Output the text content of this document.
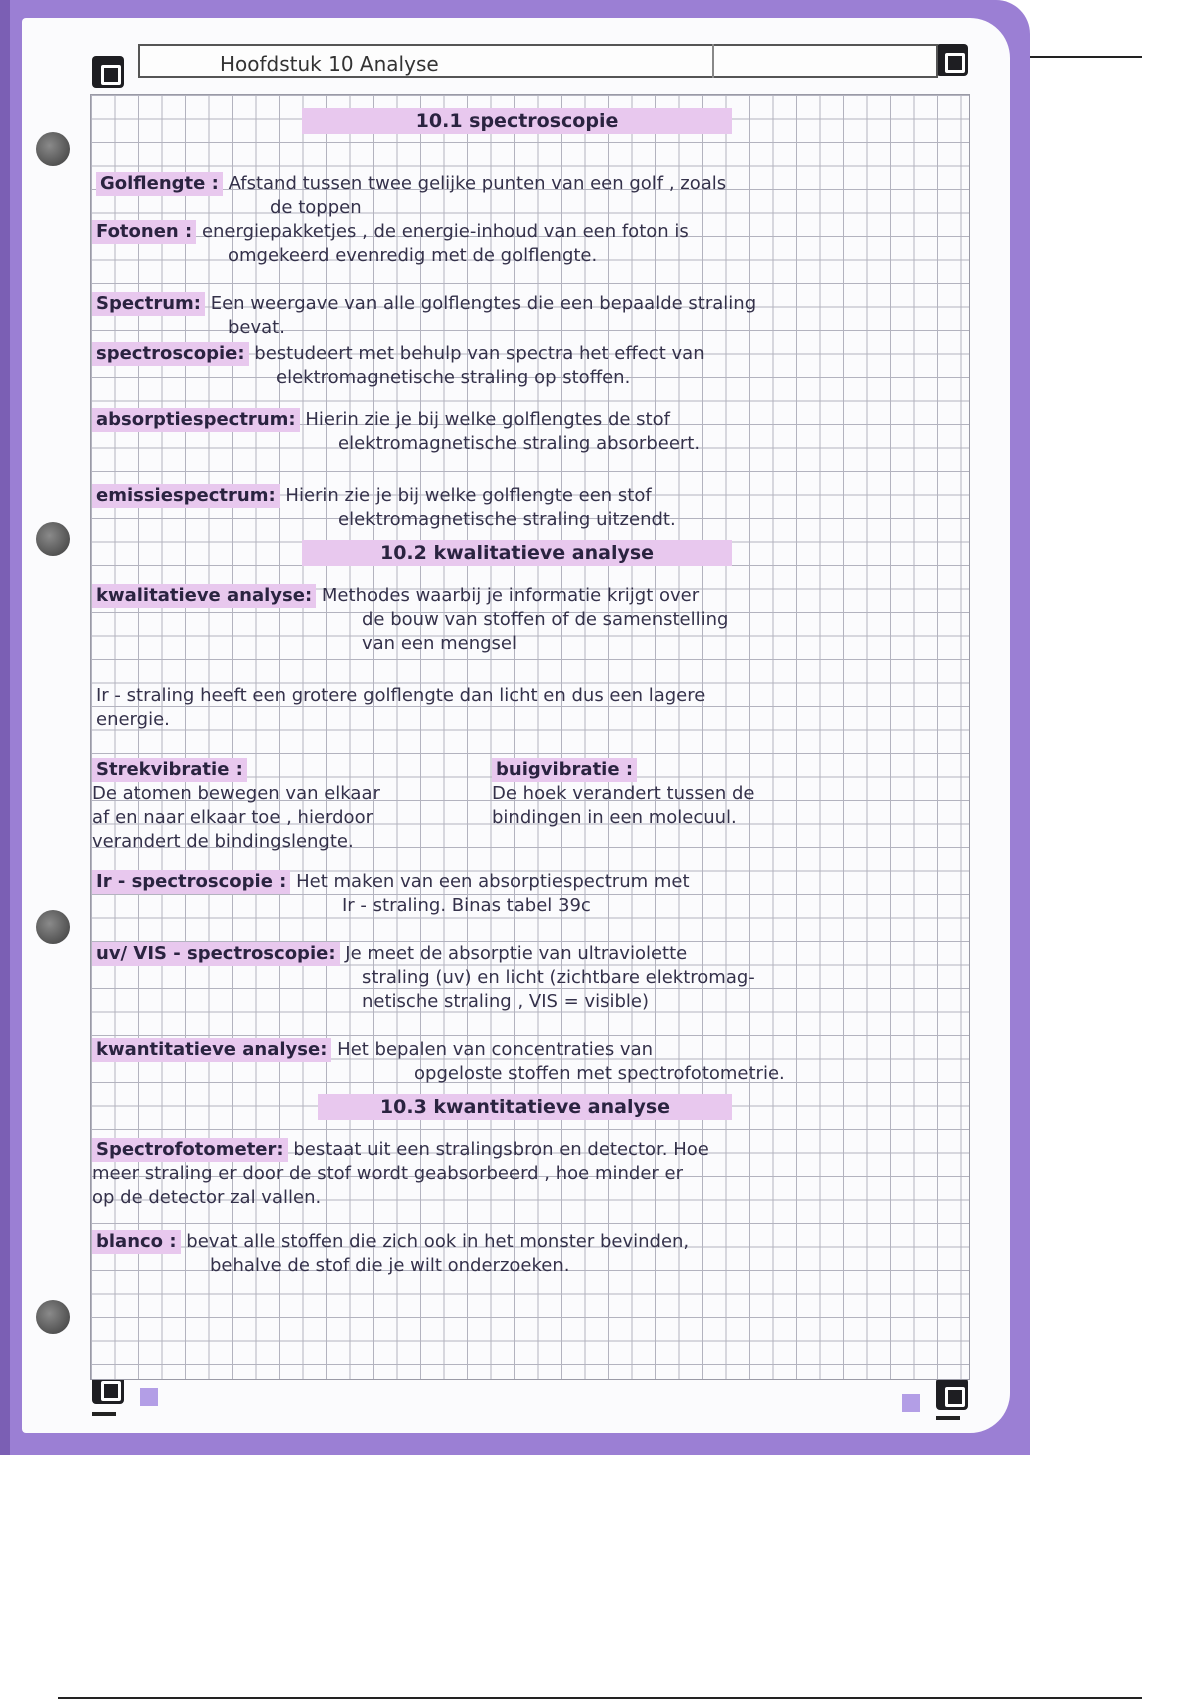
Hoofdstuk 10 Analyse
10.1 spectroscopie
Golflengte : Afstand tussen twee gelijke punten van een golf , zoals
de toppen
Fotonen : energiepakketjes , de energie-inhoud van een foton is
omgekeerd evenredig met de golflengte.
Spectrum: Een weergave van alle golflengtes die een bepaalde straling
bevat.
spectroscopie: bestudeert met behulp van spectra het effect van
elektromagnetische straling op stoffen.
absorptiespectrum: Hierin zie je bij welke golflengtes de stof
elektromagnetische straling absorbeert.
emissiespectrum: Hierin zie je bij welke golflengte een stof
elektromagnetische straling uitzendt.
10.2 kwalitatieve analyse
kwalitatieve analyse: Methodes waarbij je informatie krijgt over
de bouw van stoffen of de samenstelling
van een mengsel
Ir - straling heeft een grotere golflengte dan licht en dus een lagere
energie.
Strekvibratie :
De atomen bewegen van elkaar
af en naar elkaar toe , hierdoor
verandert de bindingslengte.
buigvibratie :
De hoek verandert tussen de
bindingen in een molecuul.
Ir - spectroscopie : Het maken van een absorptiespectrum met
Ir - straling. Binas tabel 39c
uv/ VIS - spectroscopie: Je meet de absorptie van ultraviolette
straling (uv) en licht (zichtbare elektromag-
netische straling , VIS = visible)
kwantitatieve analyse: Het bepalen van concentraties van
opgeloste stoffen met spectrofotometrie.
10.3 kwantitatieve analyse
Spectrofotometer: bestaat uit een stralingsbron en detector. Hoe
meer straling er door de stof wordt geabsorbeerd , hoe minder er
op de detector zal vallen.
blanco : bevat alle stoffen die zich ook in het monster bevinden,
behalve de stof die je wilt onderzoeken.
